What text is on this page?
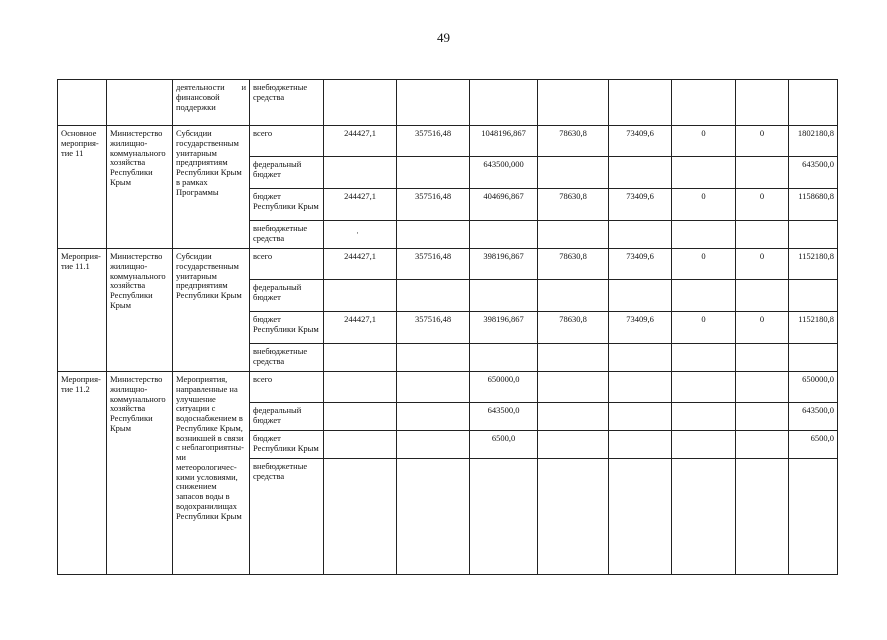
49
		деятельности и финансовой поддержки	внебюджетные средства								
Основное мероприя-тие 11	Министерство жилищно-коммунального хозяйства Республики Крым	Субсидии государственным унитарным предприятиям Республики Крым в рамках Программы	всего	244427,1	357516,48	1048196,867	78630,8	73409,6	0	0	1802180,8
			федеральный бюджет			643500,000					643500,0
			бюджет Республики Крым	244427,1	357516,48	404696,867	78630,8	73409,6	0	0	1158680,8
			внебюджетные средства								
Мероприя-тие 11.1	Министерство жилищно-коммунального хозяйства Республики Крым	Субсидии государственным унитарным предприятиям Республики Крым	всего	244427,1	357516,48	398196,867	78630,8	73409,6	0	0	1152180,8
			федеральный бюджет								
			бюджет Республики Крым	244427,1	357516,48	398196,867	78630,8	73409,6	0	0	1152180,8
			внебюджетные средства								
Мероприя-тие 11.2	Министерство жилищно-коммунального хозяйства Республики Крым	Мероприятия, направленные на улучшение ситуации с водоснабжением в Республике Крым, возникшей в связи с неблагоприятны-ми метеорологичес-кими условиями, снижением запасов воды в водохранилищах Республики Крым	всего			650000,0					650000,0
			федеральный бюджет			643500,0					643500,0
			бюджет Республики Крым			6500,0					6500,0
			внебюджетные средства								
·
